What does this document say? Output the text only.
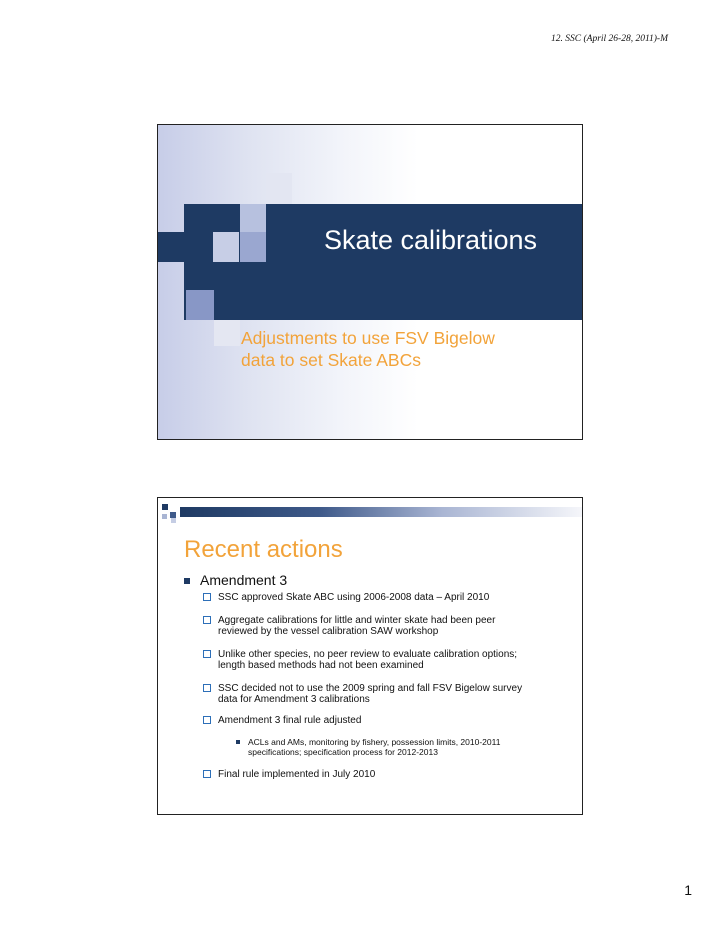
12. SSC (April 26-28, 2011)-M
Skate calibrations
Adjustments to use FSV Bigelow
data to set Skate ABCs
Recent actions
Amendment 3
SSC approved Skate ABC using 2006-2008 data – April 2010
Aggregate calibrations for little and winter skate had been peer
reviewed by the vessel calibration SAW workshop
Unlike other species, no peer review to evaluate calibration options;
length based methods had not been examined
SSC decided not to use the 2009 spring and fall FSV Bigelow survey
data for Amendment 3 calibrations
Amendment 3 final rule adjusted
ACLs and AMs, monitoring by fishery, possession limits, 2010-2011
specifications; specification process for 2012-2013
Final rule implemented in July 2010
1
